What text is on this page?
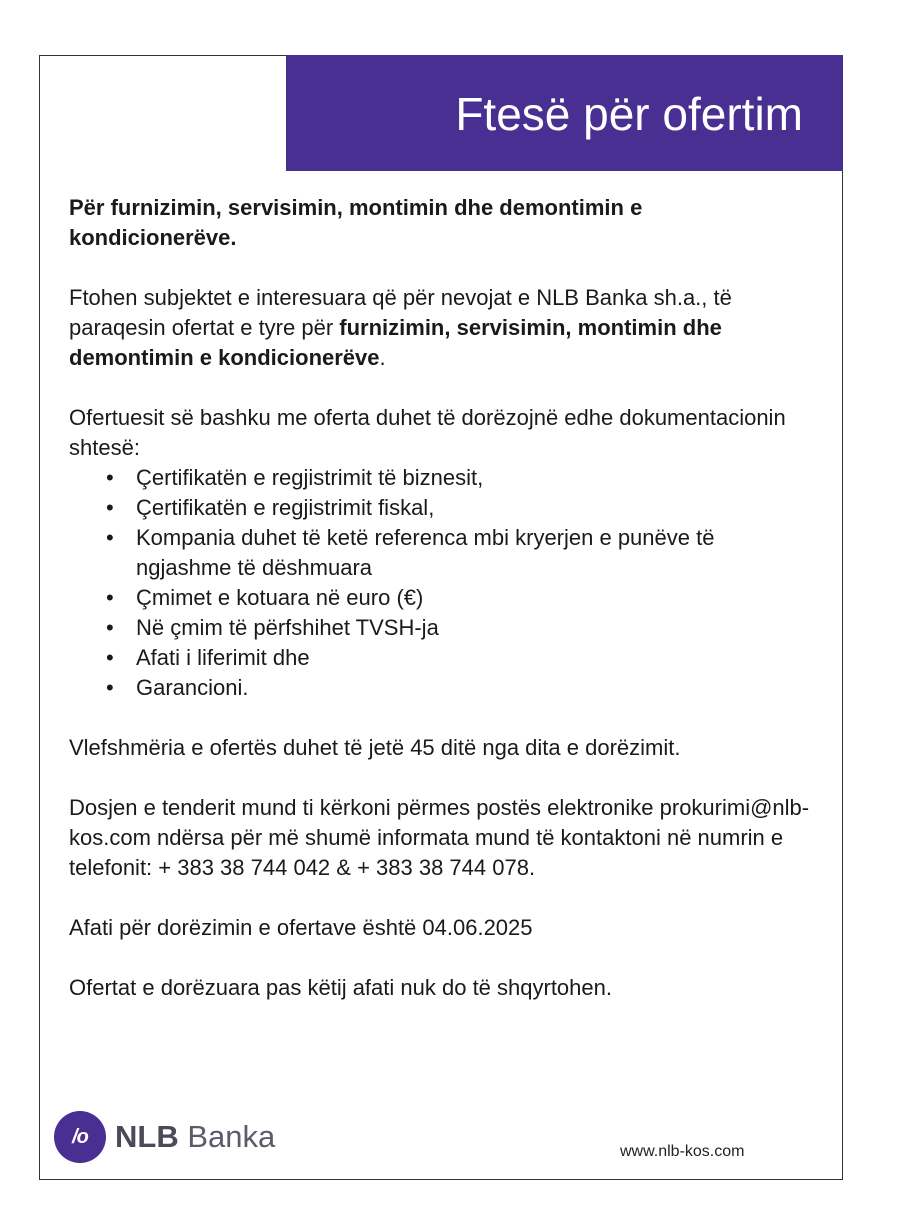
Ftesë për ofertim

Për furnizimin, servisimin, montimin dhe demontimin e kondicionerëve.

Ftohen subjektet e interesuara që për nevojat e NLB Banka sh.a., të paraqesin ofertat e tyre për furnizimin, servisimin, montimin dhe demontimin e kondicionerëve.

Ofertuesit së bashku me oferta duhet të dorëzojnë edhe dokumentacionin shtesë:

• Çertifikatën e regjistrimit të biznesit,
• Çertifikatën e regjistrimit fiskal,
• Kompania duhet të ketë referenca mbi kryerjen e punëve të ngjashme të dëshmuara
• Çmimet e kotuara në euro (€)
• Në çmim të përfshihet TVSH-ja
• Afati i liferimit dhe
• Garancioni.

Vlefshmëria e ofertës duhet të jetë 45 ditë nga dita e dorëzimit.

Dosjen e tenderit mund ti kërkoni përmes postës elektronike prokurimi@nlb-kos.com ndërsa për më shumë informata mund të kontaktoni në numrin e telefonit: + 383 38 744 042 & + 383 38 744 078.

Afati për dorëzimin e ofertave është 04.06.2025

Ofertat e dorëzuara pas këtij afati nuk do të shqyrtohen.

/o NLB Banka	www.nlb-kos.com
